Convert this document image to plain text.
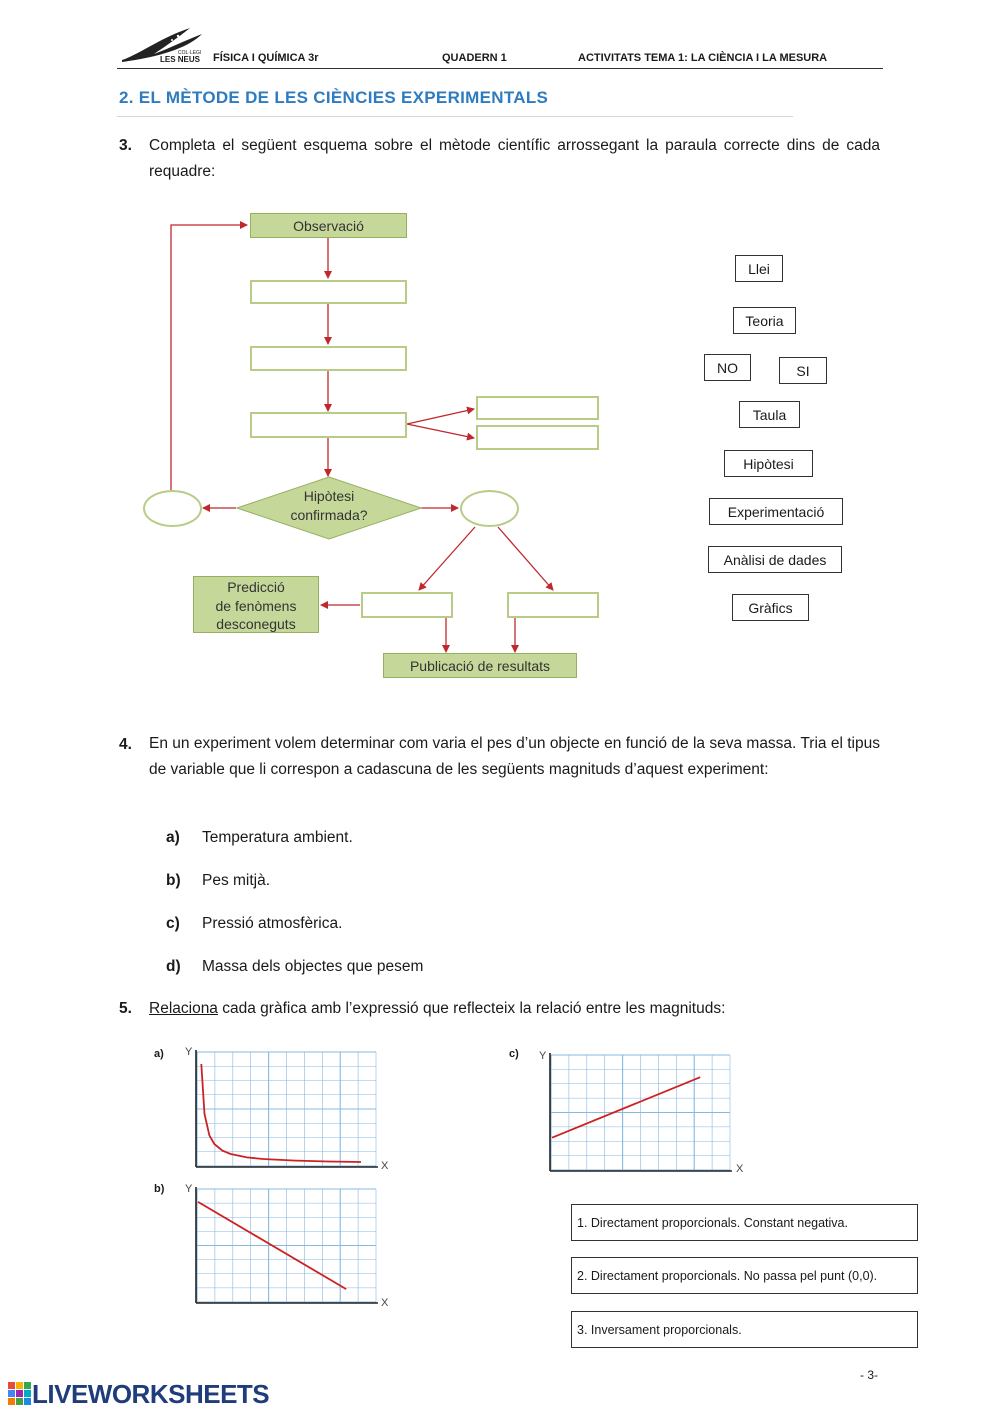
COL·LEGI
LES NEUS FÍSICA I QUÍMICA 3r	QUADERN 1	ACTIVITATS TEMA 1: LA CIÈNCIA I LA MESURA
2. EL MÈTODE DE LES CIÈNCIES EXPERIMENTALS
3. Completa el següent esquema sobre el mètode científic arrossegant la paraula correcte dins de cada requadre:
Observació
Hipòtesi
confirmada?
Predicció
de fenòmens
desconeguts
Publicació de resultats
Llei
Teoria
NO	SI
Taula
Hipòtesi
Experimentació
Anàlisi de dades
Gràfics
4. En un experiment volem determinar com varia el pes d’un objecte en funció de la seva massa. Tria el tipus de variable que li correspon a cadascuna de les següents magnituds d’aquest experiment:
a) Temperatura ambient.
b) Pes mitjà.
c) Pressió atmosfèrica.
d) Massa dels objectes que pesem
5. Relaciona cada gràfica amb l’expressió que reflecteix la relació entre les magnituds:
a)
b)
c)
Y
X
Y
X
Y
X
1. Directament proporcionals. Constant negativa.
2. Directament proporcionals. No passa pel punt (0,0).
3. Inversament proporcionals.
- 3-
LIVEWORKSHEETS
